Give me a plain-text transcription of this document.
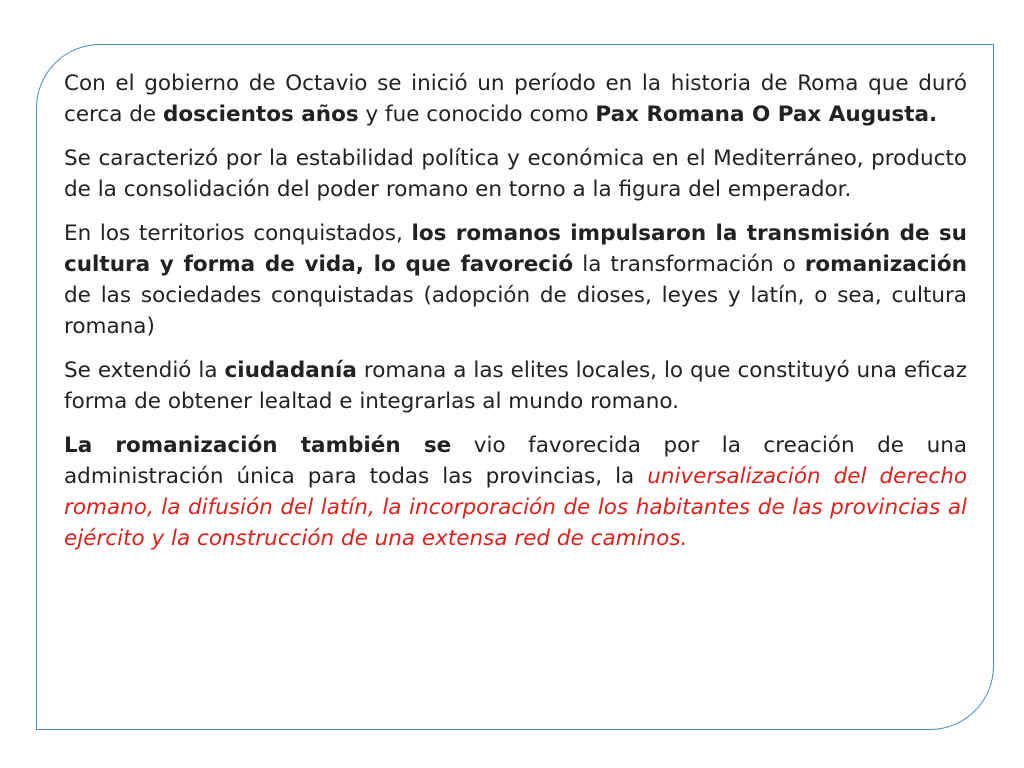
Con el gobierno de Octavio se inició un período en la historia de Roma que duró cerca de doscientos años y fue conocido como Pax Romana O Pax Augusta.

Se caracterizó por la estabilidad política y económica en el Mediterráneo, producto de la consolidación del poder romano en torno a la figura del emperador.

En los territorios conquistados, los romanos impulsaron la transmisión de su cultura y forma de vida, lo que favoreció la transformación o romanización de las sociedades conquistadas (adopción de dioses, leyes y latín, o sea, cultura romana)

Se extendió la ciudadanía romana a las elites locales, lo que constituyó una eficaz forma de obtener lealtad e integrarlas al mundo romano.

La romanización también se vio favorecida por la creación de una administración única para todas las provincias, la universalización del derecho romano, la difusión del latín, la incorporación de los habitantes de las provincias al ejército y la construcción de una extensa red de caminos.
